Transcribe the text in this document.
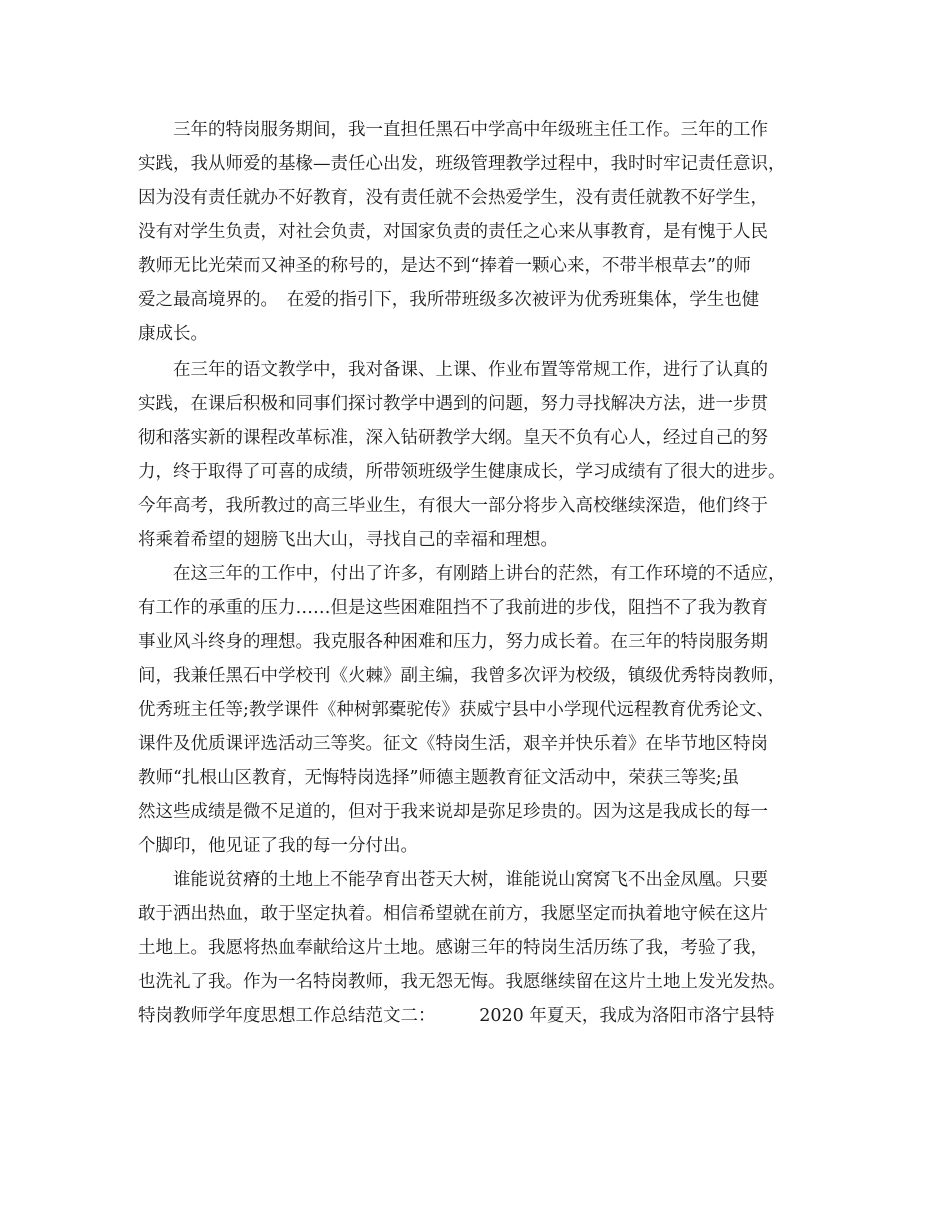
　　三年的特岗服务期间，我一直担任黑石中学高中年级班主任工作。三年的工作
实践，我从师爱的基椽—责任心出发，班级管理教学过程中，我时时牢记责任意识，
因为没有责任就办不好教育，没有责任就不会热爱学生，没有责任就教不好学生，
没有对学生负责，对社会负责，对国家负责的责任之心来从事教育，是有愧于人民
教师无比光荣而又神圣的称号的，是达不到“捧着一颗心来，不带半根草去”的师
爱之最高境界的。　在爱的指引下，我所带班级多次被评为优秀班集体，学生也健
康成长。
　　在三年的语文教学中，我对备课、上课、作业布置等常规工作，进行了认真的
实践，在课后积极和同事们探讨教学中遇到的问题，努力寻找解决方法，进一步贯
彻和落实新的课程改革标准，深入钻研教学大纲。皇天不负有心人，经过自己的努
力，终于取得了可喜的成绩，所带领班级学生健康成长，学习成绩有了很大的进步。
今年高考，我所教过的高三毕业生，有很大一部分将步入高校继续深造，他们终于
将乘着希望的翅膀飞出大山，寻找自己的幸福和理想。
　　在这三年的工作中，付出了许多，有刚踏上讲台的茫然，有工作环境的不适应，
有工作的承重的压力……但是这些困难阻挡不了我前进的步伐，阻挡不了我为教育
事业风斗终身的理想。我克服各种困难和压力，努力成长着。在三年的特岗服务期
间，我兼任黑石中学校刊《火棘》副主编，我曾多次评为校级，镇级优秀特岗教师，
优秀班主任等;教学课件《种树郭橐驼传》获威宁县中小学现代远程教育优秀论文、
课件及优质课评选活动三等奖。征文《特岗生活，艰辛并快乐着》在毕节地区特岗
教师“扎根山区教育，无悔特岗选择”师德主题教育征文活动中，荣获三等奖;虽
然这些成绩是微不足道的，但对于我来说却是弥足珍贵的。因为这是我成长的每一
个脚印，他见证了我的每一分付出。
　　谁能说贫瘠的土地上不能孕育出苍天大树，谁能说山窝窝飞不出金凤凰。只要
敢于洒出热血，敢于坚定执着。相信希望就在前方，我愿坚定而执着地守候在这片
土地上。我愿将热血奉献给这片土地。感谢三年的特岗生活历练了我，考验了我，
也洗礼了我。作为一名特岗教师，我无怨无悔。我愿继续留在这片土地上发光发热。
特岗教师学年度思想工作总结范文二：　　　2020 年夏天，我成为洛阳市洛宁县特
